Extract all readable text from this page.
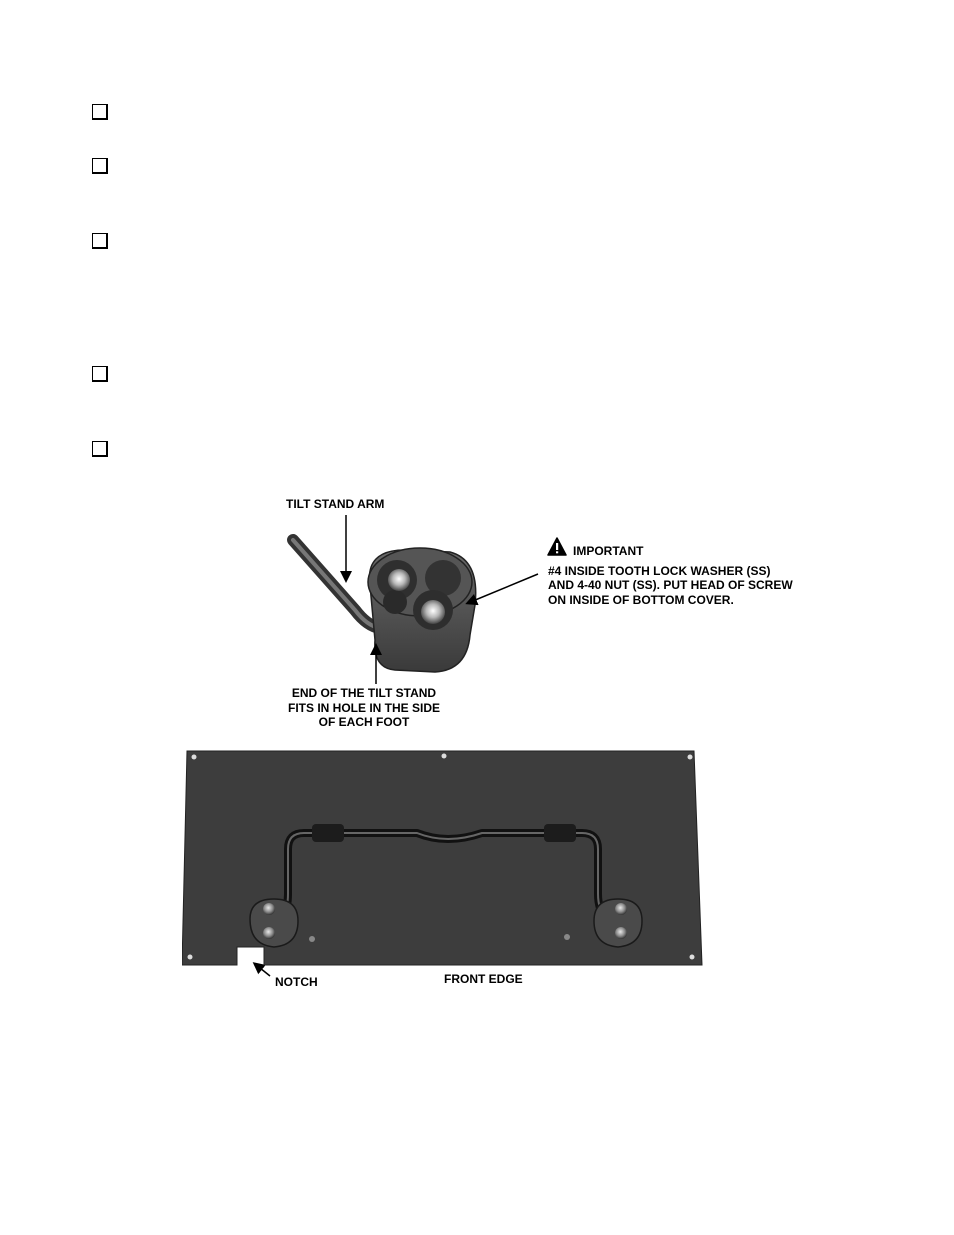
TILT STAND ARM
IMPORTANT
#4 INSIDE TOOTH LOCK WASHER (SS)
AND 4-40 NUT (SS). PUT HEAD OF SCREW
ON INSIDE OF BOTTOM COVER.
END OF THE TILT STAND
FITS IN HOLE IN THE SIDE
OF EACH FOOT
NOTCH	FRONT EDGE
